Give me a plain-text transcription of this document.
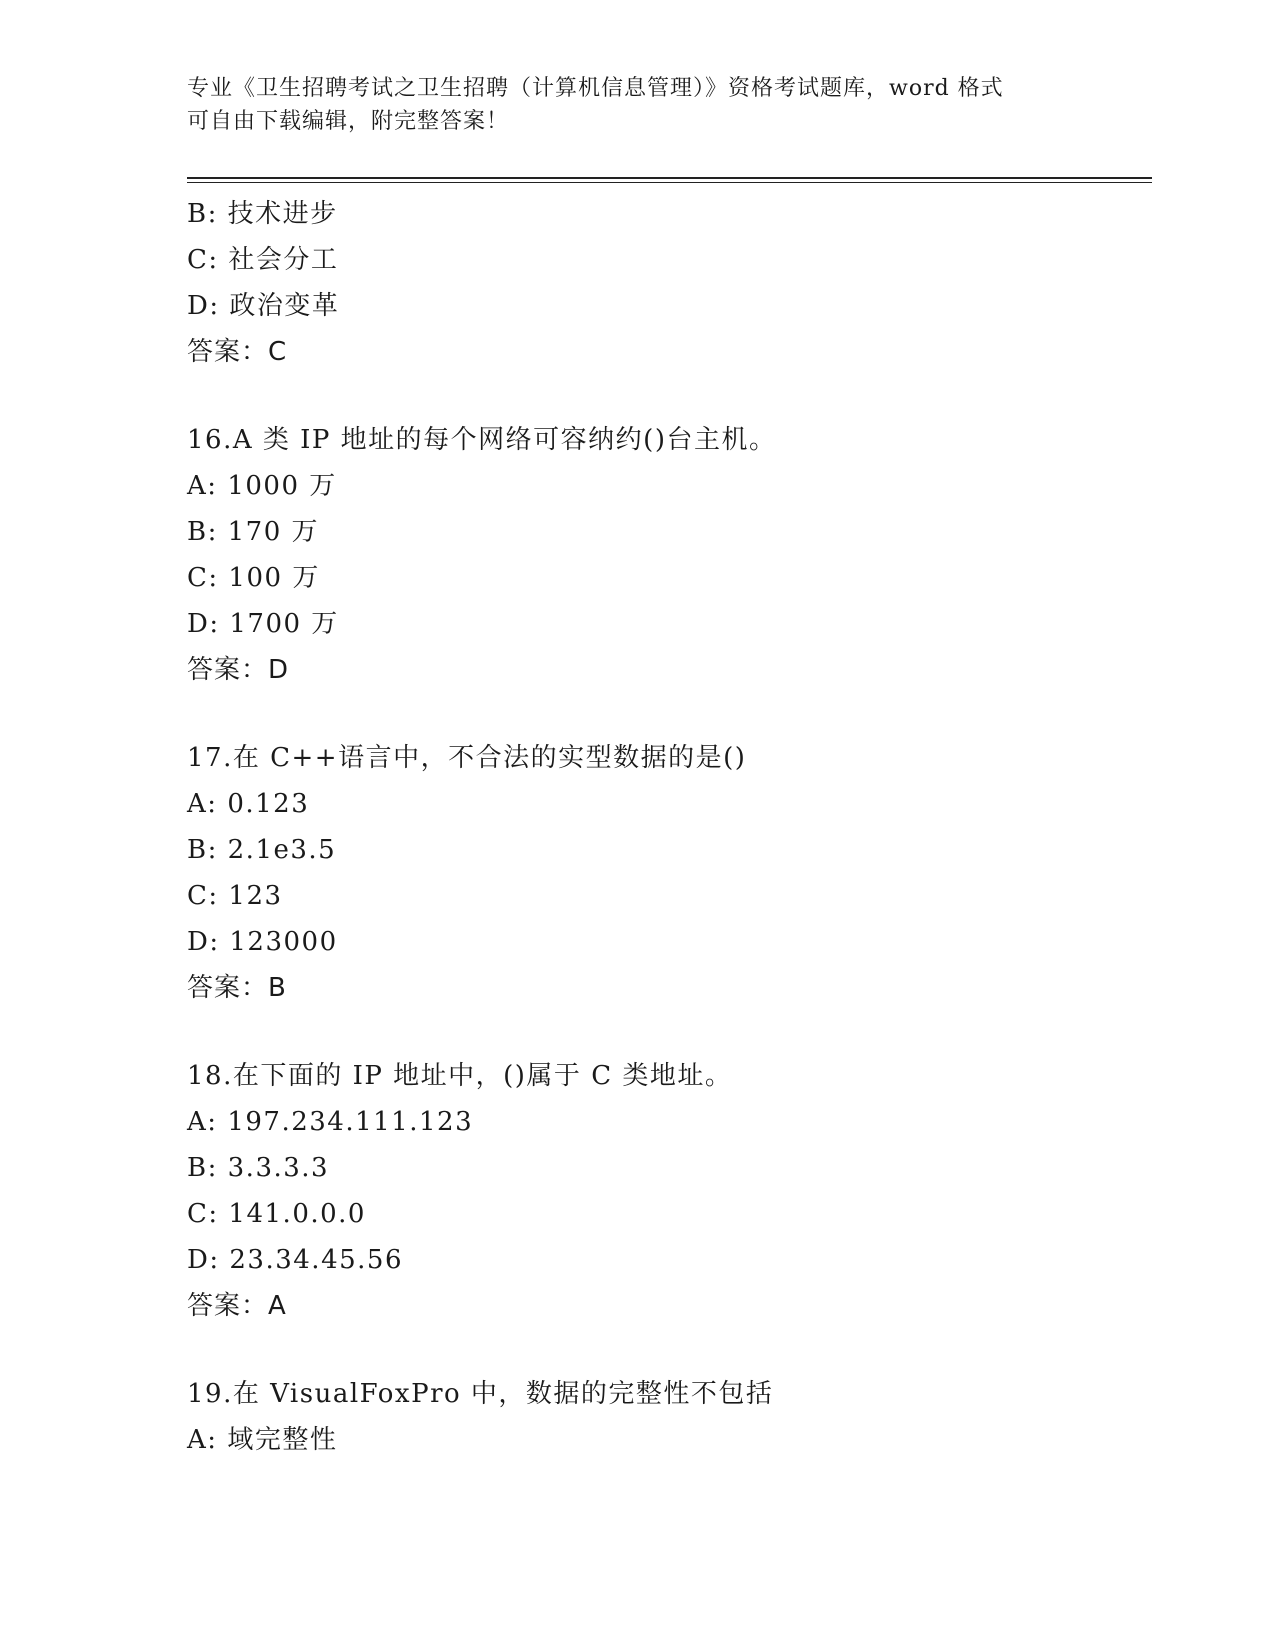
专业《卫生招聘考试之卫生招聘（计算机信息管理）》资格考试题库，word 格式
可自由下载编辑，附完整答案！
B: 技术进步
C: 社会分工
D: 政治变革
答案：C
16.A 类 IP 地址的每个网络可容纳约()台主机。
A: 1000 万
B: 170 万
C: 100 万
D: 1700 万
答案：D
17.在 C++语言中，不合法的实型数据的是()
A: 0.123
B: 2.1e3.5
C: 123
D: 123000
答案：B
18.在下面的 IP 地址中，()属于 C 类地址。
A: 197.234.111.123
B: 3.3.3.3
C: 141.0.0.0
D: 23.34.45.56
答案：A
19.在 VisualFoxPro 中，数据的完整性不包括
A: 域完整性
